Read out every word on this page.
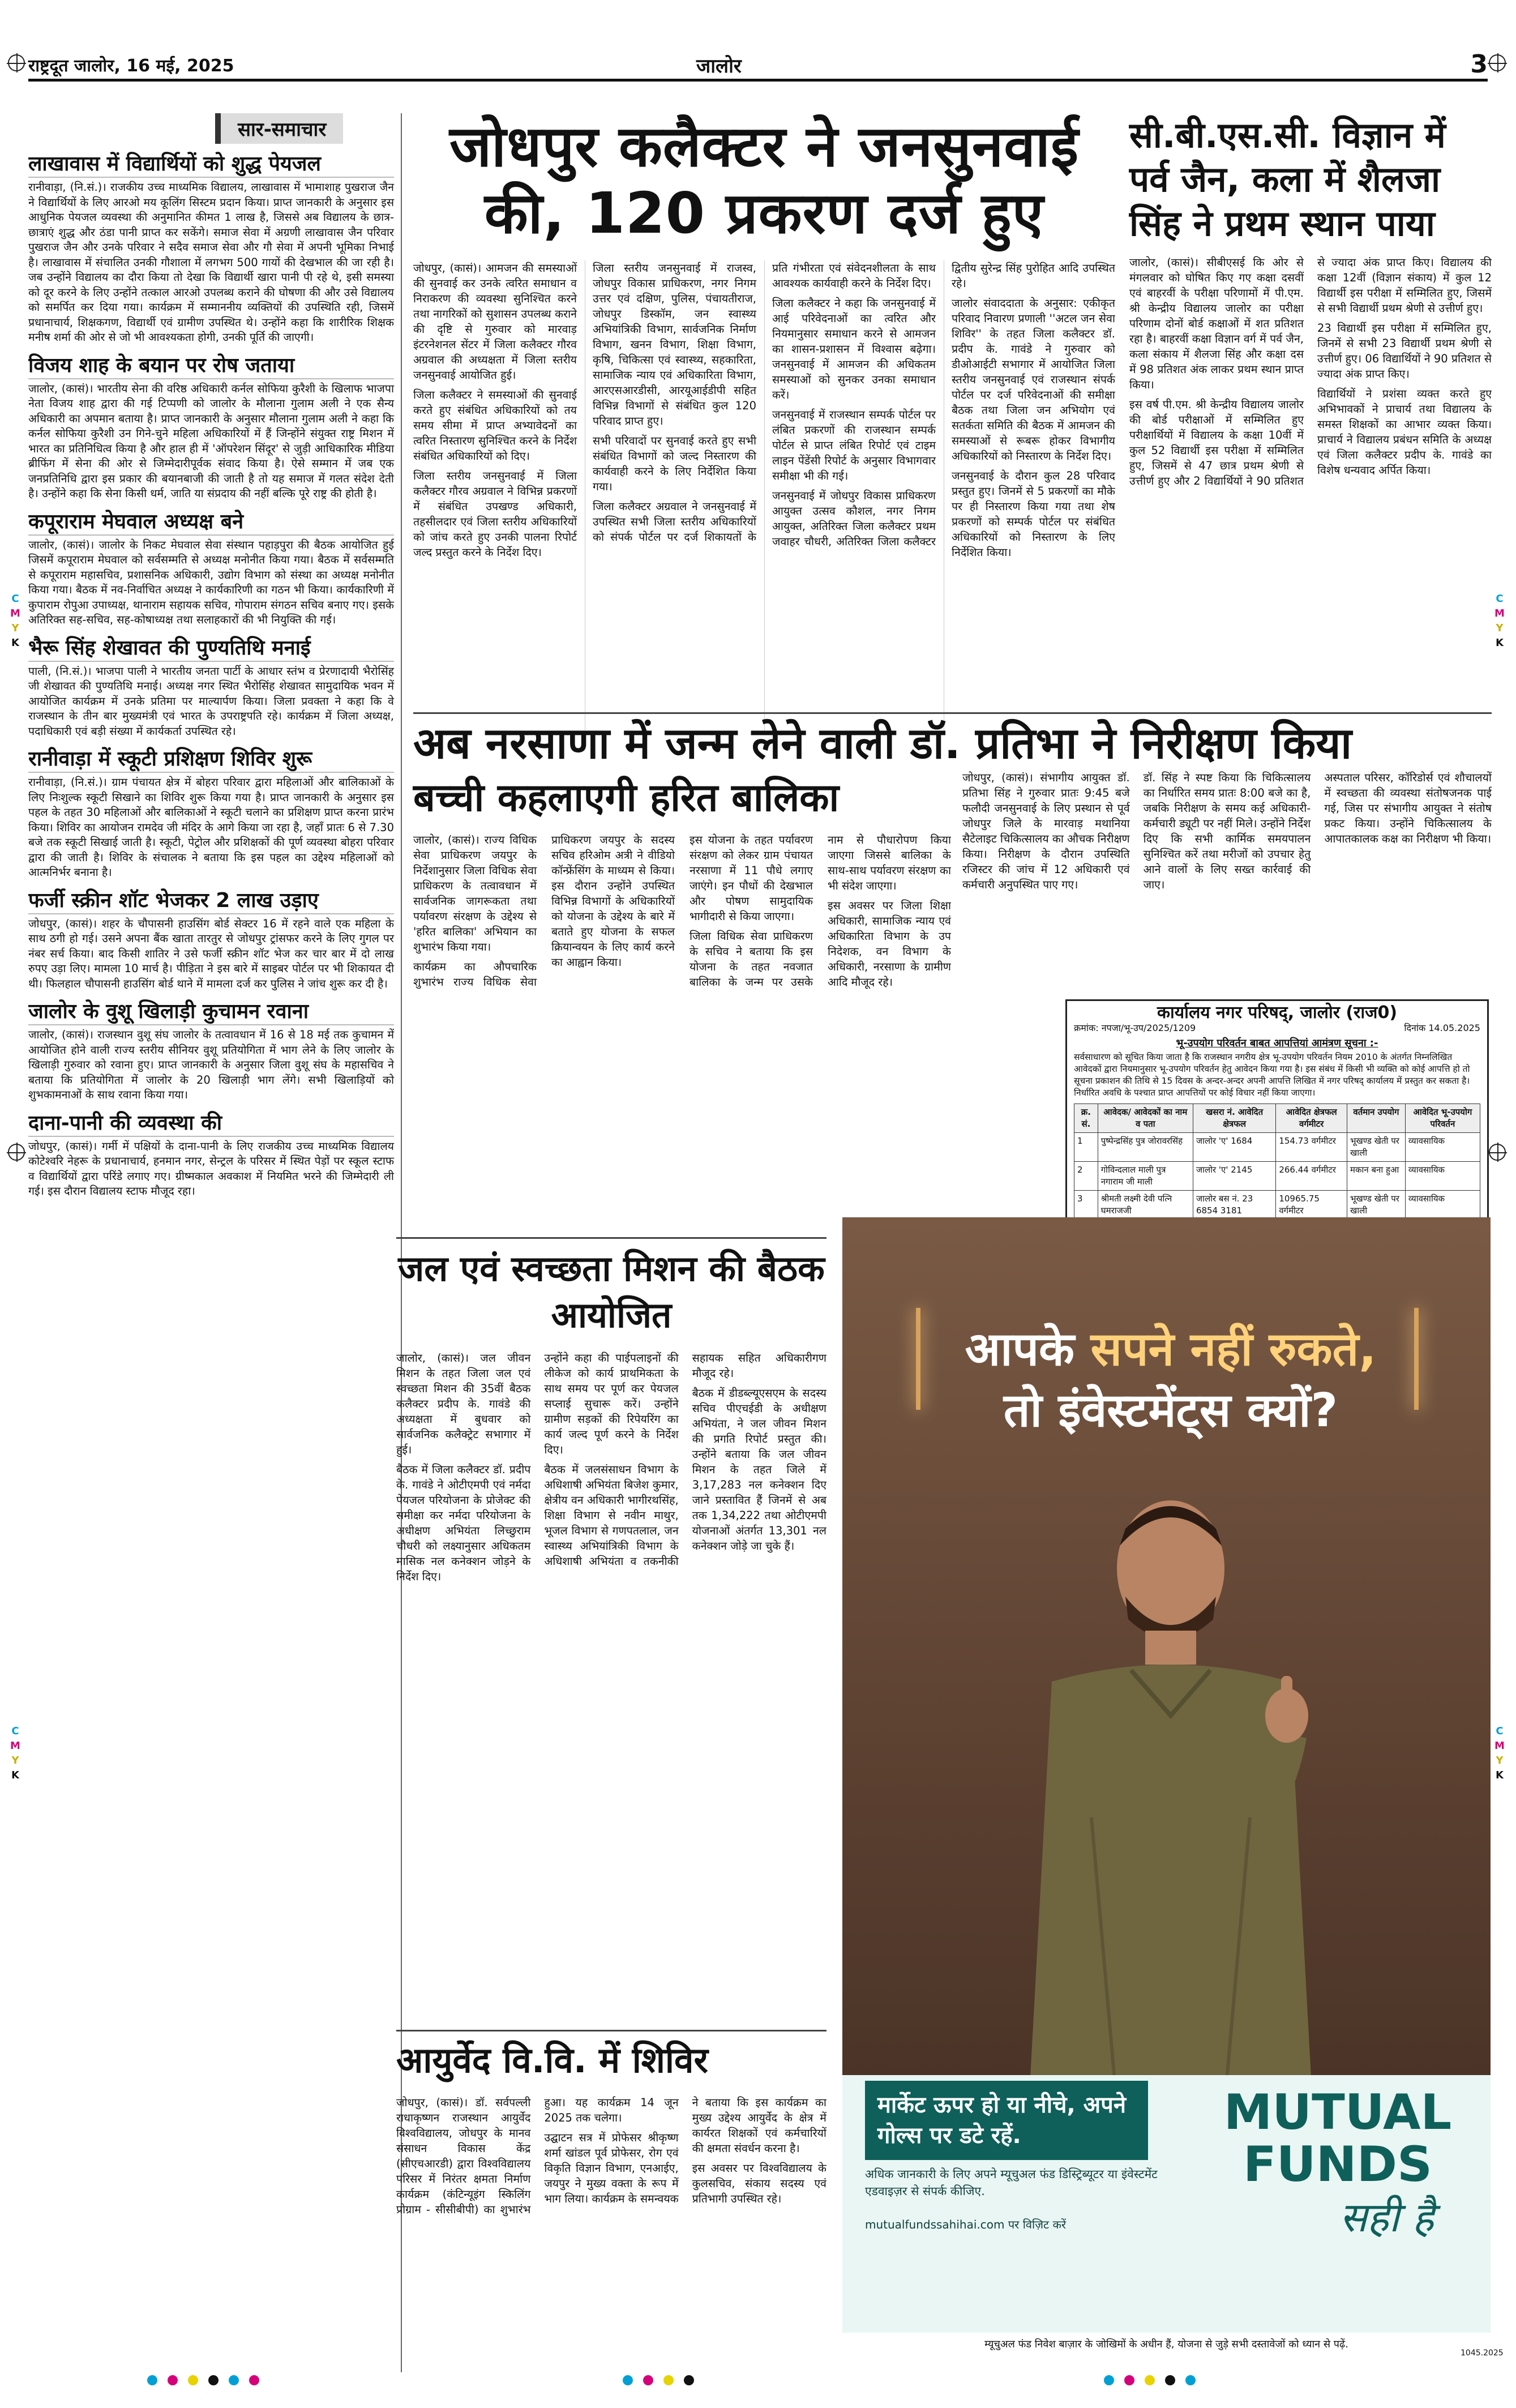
राष्ट्रदूत जालोर, 16 मई, 2025	जालोर	3
C
M
Y
K
C
M
Y
K
C
M
Y
K
C
M
Y
K
सार-समाचार
लाखावास में विद्यार्थियों को शुद्ध पेयजल

रानीवाड़ा, (नि.सं.)। राजकीय उच्च माध्यमिक विद्यालय, लाखावास में भामाशाह पुखराज जैन ने विद्यार्थियों के लिए आरओ मय कूलिंग सिस्टम प्रदान किया। प्राप्त जानकारी के अनुसार इस आधुनिक पेयजल व्यवस्था की अनुमानित कीमत 1 लाख है, जिससे अब विद्यालय के छात्र-छात्राएं शुद्ध और ठंडा पानी प्राप्त कर सकेंगे। समाज सेवा में अग्रणी लाखावास जैन परिवार पुखराज जैन और उनके परिवार ने सदैव समाज सेवा और गौ सेवा में अपनी भूमिका निभाई है। लाखावास में संचालित उनकी गौशाला में लगभग 500 गायों की देखभाल की जा रही है। जब उन्होंने विद्यालय का दौरा किया तो देखा कि विद्यार्थी खारा पानी पी रहे थे, इसी समस्या को दूर करने के लिए उन्होंने तत्काल आरओ उपलब्ध कराने की घोषणा की और उसे विद्यालय को समर्पित कर दिया गया। कार्यक्रम में सम्माननीय व्यक्तियों की उपस्थिति रही, जिसमें प्रधानाचार्य, शिक्षकगण, विद्यार्थी एवं ग्रामीण उपस्थित थे। उन्होंने कहा कि शारीरिक शिक्षक मनीष शर्मा की ओर से जो भी आवश्यकता होगी, उनकी पूर्ति की जाएगी।

विजय शाह के बयान पर रोष जताया

जालोर, (कासं)। भारतीय सेना की वरिष्ठ अधिकारी कर्नल सोफिया कुरैशी के खिलाफ भाजपा नेता विजय शाह द्वारा की गई टिप्पणी को जालोर के मौलाना गुलाम अली ने एक सैन्य अधिकारी का अपमान बताया है। प्राप्त जानकारी के अनुसार मौलाना गुलाम अली ने कहा कि कर्नल सोफिया कुरैशी उन गिने-चुने महिला अधिकारियों में हैं जिन्होंने संयुक्त राष्ट्र मिशन में भारत का प्रतिनिधित्व किया है और हाल ही में 'ऑपरेशन सिंदूर' से जुड़ी आधिकारिक मीडिया ब्रीफिंग में सेना की ओर से जिम्मेदारीपूर्वक संवाद किया है। ऐसे सम्मान में जब एक जनप्रतिनिधि द्वारा इस प्रकार की बयानबाजी की जाती है तो यह समाज में गलत संदेश देती है। उन्होंने कहा कि सेना किसी धर्म, जाति या संप्रदाय की नहीं बल्कि पूरे राष्ट्र की होती है।

कपूराराम मेघवाल अध्यक्ष बने

जालोर, (कासं)। जालोर के निकट मेघवाल सेवा संस्थान पहाड़पुरा की बैठक आयोजित हुई जिसमें कपूराराम मेघवाल को सर्वसम्मति से अध्यक्ष मनोनीत किया गया। बैठक में सर्वसम्मति से कपूराराम महासचिव, प्रशासनिक अधिकारी, उद्योग विभाग को संस्था का अध्यक्ष मनोनीत किया गया। बैठक में नव-निर्वाचित अध्यक्ष ने कार्यकारिणी का गठन भी किया। कार्यकारिणी में कुपाराम रोपुआ उपाध्यक्ष, थानाराम सहायक सचिव, गोपाराम संगठन सचिव बनाए गए। इसके अतिरिक्त सह-सचिव, सह-कोषाध्यक्ष तथा सलाहकारों की भी नियुक्ति की गई।

भैरू सिंह शेखावत की पुण्यतिथि मनाई

पाली, (नि.सं.)। भाजपा पाली ने भारतीय जनता पार्टी के आधार स्तंभ व प्रेरणादायी भैरोसिंह जी शेखावत की पुण्यतिथि मनाई। अध्यक्ष नगर स्थित भैरोसिंह शेखावत सामुदायिक भवन में आयोजित कार्यक्रम में उनके प्रतिमा पर माल्यार्पण किया। जिला प्रवक्ता ने कहा कि वे राजस्थान के तीन बार मुख्यमंत्री एवं भारत के उपराष्ट्रपति रहे। कार्यक्रम में जिला अध्यक्ष, पदाधिकारी एवं बड़ी संख्या में कार्यकर्ता उपस्थित रहे।

रानीवाड़ा में स्कूटी प्रशिक्षण शिविर शुरू

रानीवाड़ा, (नि.सं.)। ग्राम पंचायत क्षेत्र में बोहरा परिवार द्वारा महिलाओं और बालिकाओं के लिए निःशुल्क स्कूटी सिखाने का शिविर शुरू किया गया है। प्राप्त जानकारी के अनुसार इस पहल के तहत 30 महिलाओं और बालिकाओं ने स्कूटी चलाने का प्रशिक्षण प्राप्त करना प्रारंभ किया। शिविर का आयोजन रामदेव जी मंदिर के आगे किया जा रहा है, जहाँ प्रातः 6 से 7.30 बजे तक स्कूटी सिखाई जाती है। स्कूटी, पेट्रोल और प्रशिक्षकों की पूर्ण व्यवस्था बोहरा परिवार द्वारा की जाती है। शिविर के संचालक ने बताया कि इस पहल का उद्देश्य महिलाओं को आत्मनिर्भर बनाना है।

फर्जी स्क्रीन शॉट भेजकर 2 लाख उड़ाए

जोधपुर, (कासं)। शहर के चौपासनी हाउसिंग बोर्ड सेक्टर 16 में रहने वाले एक महिला के साथ ठगी हो गई। उसने अपना बैंक खाता तारतुर से जोधपुर ट्रांसफर करने के लिए गुगल पर नंबर सर्च किया। बाद किसी शातिर ने उसे फर्जी स्क्रीन शॉट भेज कर चार बार में दो लाख रुपए उड़ा लिए। मामला 10 मार्च है। पीड़िता ने इस बारे में साइबर पोर्टल पर भी शिकायत दी थी। फिलहाल चौपासनी हाउसिंग बोर्ड थाने में मामला दर्ज कर पुलिस ने जांच शुरू कर दी है।

जालोर के वुशू खिलाड़ी कुचामन रवाना

जालोर, (कासं)। राजस्थान वुशू संघ जालोर के तत्वावधान में 16 से 18 मई तक कुचामन में आयोजित होने वाली राज्य स्तरीय सीनियर वुशू प्रतियोगिता में भाग लेने के लिए जालोर के खिलाड़ी गुरुवार को रवाना हुए। प्राप्त जानकारी के अनुसार जिला वुशू संघ के महासचिव ने बताया कि प्रतियोगिता में जालोर के 20 खिलाड़ी भाग लेंगे। सभी खिलाड़ियों को शुभकामनाओं के साथ रवाना किया गया।

दाना-पानी की व्यवस्था की

जोधपुर, (कासं)। गर्मी में पक्षियों के दाना-पानी के लिए राजकीय उच्च माध्यमिक विद्यालय कोटेश्वरि नेहरू के प्रधानाचार्य, हनमान नगर, सेन्ट्रल के परिसर में स्थित पेड़ों पर स्कूल स्टाफ व विद्यार्थियों द्वारा परिंडे लगाए गए। ग्रीष्मकाल अवकाश में नियमित भरने की जिम्मेदारी ली गई। इस दौरान विद्यालय स्टाफ मौजूद रहा।

जोधपुर कलैक्टर ने जनसुनवाई की, 120 प्रकरण दर्ज हुए

जोधपुर, (कासं)। आमजन की समस्याओं की सुनवाई कर उनके त्वरित समाधान व निराकरण की व्यवस्था सुनिश्चित करने तथा नागरिकों को सुशासन उपलब्ध कराने की दृष्टि से गुरुवार को मारवाड़ इंटरनेशनल सेंटर में जिला कलैक्टर गौरव अग्रवाल की अध्यक्षता में जिला स्तरीय जनसुनवाई आयोजित हुई।

जिला कलैक्टर ने समस्याओं की सुनवाई करते हुए संबंधित अधिकारियों को तय समय सीमा में प्राप्त अभ्यावेदनों का त्वरित निस्तारण सुनिश्चित करने के निर्देश संबंधित अधिकारियों को दिए।

जिला स्तरीय जनसुनवाई में जिला कलैक्टर गौरव अग्रवाल ने विभिन्न प्रकरणों में संबंधित उपखण्ड अधिकारी, तहसीलदार एवं जिला स्तरीय अधिकारियों को जांच करते हुए उनकी पालना रिपोर्ट जल्द प्रस्तुत करने के निर्देश दिए।

जिला स्तरीय जनसुनवाई में राजस्व, जोधपुर विकास प्राधिकरण, नगर निगम उत्तर एवं दक्षिण, पुलिस, पंचायतीराज, जोधपुर डिस्कॉम, जन स्वास्थ्य अभियांत्रिकी विभाग, सार्वजनिक निर्माण विभाग, खनन विभाग, शिक्षा विभाग, कृषि, चिकित्सा एवं स्वास्थ्य, सहकारिता, सामाजिक न्याय एवं अधिकारिता विभाग, आरएसआरडीसी, आरयूआईडीपी सहित विभिन्न विभागों से संबंधित कुल 120 परिवाद प्राप्त हुए।

सभी परिवादों पर सुनवाई करते हुए सभी संबंधित विभागों को जल्द निस्तारण की कार्यवाही करने के लिए निर्देशित किया गया।

जिला कलैक्टर अग्रवाल ने जनसुनवाई में उपस्थित सभी जिला स्तरीय अधिकारियों को संपर्क पोर्टल पर दर्ज शिकायतों के प्रति गंभीरता एवं संवेदनशीलता के साथ आवश्यक कार्यवाही करने के निर्देश दिए।

जिला कलैक्टर ने कहा कि जनसुनवाई में आई परिवेदनाओं का त्वरित और नियमानुसार समाधान करने से आमजन का शासन-प्रशासन में विश्वास बढ़ेगा। जनसुनवाई में आमजन की अधिकतम समस्याओं को सुनकर उनका समाधान करें।

जनसुनवाई में राजस्थान सम्पर्क पोर्टल पर लंबित प्रकरणों की राजस्थान सम्पर्क पोर्टल से प्राप्त लंबित रिपोर्ट एवं टाइम लाइन पेंडेंसी रिपोर्ट के अनुसार विभागवार समीक्षा भी की गई।

जनसुनवाई में जोधपुर विकास प्राधिकरण आयुक्त उत्सव कौशल, नगर निगम आयुक्त, अतिरिक्त जिला कलैक्टर प्रथम जवाहर चौधरी, अतिरिक्त जिला कलैक्टर द्वितीय सुरेन्द्र सिंह पुरोहित आदि उपस्थित रहे।

जालोर संवाददाता के अनुसार: एकीकृत परिवाद निवारण प्रणाली ''अटल जन सेवा शिविर'' के तहत जिला कलैक्टर डॉ. प्रदीप के. गावंडे ने गुरुवार को डीओआईटी सभागार में आयोजित जिला स्तरीय जनसुनवाई एवं राजस्थान संपर्क पोर्टल पर दर्ज परिवेदनाओं की समीक्षा बैठक तथा जिला जन अभियोग एवं सतर्कता समिति की बैठक में आमजन की समस्याओं से रूबरू होकर विभागीय अधिकारियों को निस्तारण के निर्देश दिए।

जनसुनवाई के दौरान कुल 28 परिवाद प्रस्तुत हुए। जिनमें से 5 प्रकरणों का मौके पर ही निस्तारण किया गया तथा शेष प्रकरणों को सम्पर्क पोर्टल पर संबंधित अधिकारियों को निस्तारण के लिए निर्देशित किया।

सी.बी.एस.सी. विज्ञान में पर्व जैन, कला में शैलजा सिंह ने प्रथम स्थान पाया

जालोर, (कासं)। सीबीएसई कि ओर से मंगलवार को घोषित किए गए कक्षा दसवीं एवं बाहरवीं के परीक्षा परिणामों में पी.एम. श्री केन्द्रीय विद्यालय जालोर का परीक्षा परिणाम दोनों बोर्ड कक्षाओं में शत प्रतिशत रहा है। बाहरवीं कक्षा विज्ञान वर्ग में पर्व जैन, कला संकाय में शैलजा सिंह और कक्षा दस में 98 प्रतिशत अंक लाकर प्रथम स्थान प्राप्त किया।

इस वर्ष पी.एम. श्री केन्द्रीय विद्यालय जालोर की बोर्ड परीक्षाओं में सम्मिलित हुए परीक्षार्थियों में विद्यालय के कक्षा 10वीं में कुल 52 विद्यार्थी इस परीक्षा में सम्मिलित हुए, जिसमें से 47 छात्र प्रथम श्रेणी से उत्तीर्ण हुए और 2 विद्यार्थियों ने 90 प्रतिशत से ज्यादा अंक प्राप्त किए। विद्यालय की कक्षा 12वीं (विज्ञान संकाय) में कुल 12 विद्यार्थी इस परीक्षा में सम्मिलित हुए, जिसमें से सभी विद्यार्थी प्रथम श्रेणी से उत्तीर्ण हुए।

23 विद्यार्थी इस परीक्षा में सम्मिलित हुए, जिनमें से सभी 23 विद्यार्थी प्रथम श्रेणी से उत्तीर्ण हुए। 06 विद्यार्थियों ने 90 प्रतिशत से ज्यादा अंक प्राप्त किए।

विद्यार्थियों ने प्रशंसा व्यक्त करते हुए अभिभावकों ने प्राचार्य तथा विद्यालय के समस्त शिक्षकों का आभार व्यक्त किया। प्राचार्य ने विद्यालय प्रबंधन समिति के अध्यक्ष एवं जिला कलैक्टर प्रदीप के. गावंडे का विशेष धन्यवाद अर्पित किया।

अब नरसाणा में जन्म लेने वाली डॉ. प्रतिभा ने निरीक्षण किया
बच्ची कहलाएगी हरित बालिका

जालोर, (कासं)। राज्य विधिक सेवा प्राधिकरण जयपुर के निर्देशानुसार जिला विधिक सेवा प्राधिकरण के तत्वावधान में सार्वजनिक जागरूकता तथा पर्यावरण संरक्षण के उद्देश्य से 'हरित बालिका' अभियान का शुभारंभ किया गया।

कार्यक्रम का औपचारिक शुभारंभ राज्य विधिक सेवा प्राधिकरण जयपुर के सदस्य सचिव हरिओम अत्री ने वीडियो कॉन्फ्रेंसिंग के माध्यम से किया। इस दौरान उन्होंने उपस्थित विभिन्न विभागों के अधिकारियों को योजना के उद्देश्य के बारे में बताते हुए योजना के सफल क्रियान्वयन के लिए कार्य करने का आह्वान किया।

इस योजना के तहत पर्यावरण संरक्षण को लेकर ग्राम पंचायत नरसाणा में 11 पौधे लगाए जाएंगे। इन पौधों की देखभाल और पोषण सामुदायिक भागीदारी से किया जाएगा।

जिला विधिक सेवा प्राधिकरण के सचिव ने बताया कि इस योजना के तहत नवजात बालिका के जन्म पर उसके नाम से पौधारोपण किया जाएगा जिससे बालिका के साथ-साथ पर्यावरण संरक्षण का भी संदेश जाएगा।

इस अवसर पर जिला शिक्षा अधिकारी, सामाजिक न्याय एवं अधिकारिता विभाग के उप निदेशक, वन विभाग के अधिकारी, नरसाणा के ग्रामीण आदि मौजूद रहे।

जोधपुर, (कासं)। संभागीय आयुक्त डॉ. प्रतिभा सिंह ने गुरुवार प्रातः 9:45 बजे फलौदी जनसुनवाई के लिए प्रस्थान से पूर्व जोधपुर जिले के मारवाड़ मथानिया सैटेलाइट चिकित्सालय का औचक निरीक्षण किया। निरीक्षण के दौरान उपस्थिति रजिस्टर की जांच में 12 अधिकारी एवं कर्मचारी अनुपस्थित पाए गए।

डॉ. सिंह ने स्पष्ट किया कि चिकित्सालय का निर्धारित समय प्रातः 8:00 बजे का है, जबकि निरीक्षण के समय कई अधिकारी-कर्मचारी ड्यूटी पर नहीं मिले। उन्होंने निर्देश दिए कि सभी कार्मिक समयपालन सुनिश्चित करें तथा मरीजों को उपचार हेतु आने वालों के लिए सख्त कार्रवाई की जाए।

अस्पताल परिसर, कॉरिडोर्स एवं शौचालयों में स्वच्छता की व्यवस्था संतोषजनक पाई गई, जिस पर संभागीय आयुक्त ने संतोष प्रकट किया। उन्होंने चिकित्सालय के आपातकालक कक्ष का निरीक्षण भी किया।

कार्यालय नगर परिषद्, जालोर (राज0)
क्रमांक: नपजा/भू-उप/2025/1209	दिनांक 14.05.2025
भू-उपयोग परिवर्तन बाबत आपत्तियां आमंत्रण सूचना :-
सर्वसाधारण को सूचित किया जाता है कि राजस्थान नगरीय क्षेत्र भू-उपयोग परिवर्तन नियम 2010 के अंतर्गत निम्नलिखित आवेदकों द्वारा नियमानुसार भू-उपयोग परिवर्तन हेतु आवेदन किया गया है। इस संबंध में किसी भी व्यक्ति को कोई आपत्ति हो तो सूचना प्रकाशन की तिथि से 15 दिवस के अन्दर-अन्दर अपनी आपत्ति लिखित में नगर परिषद् कार्यालय में प्रस्तुत कर सकता है। निर्धारित अवधि के पश्चात प्राप्त आपत्तियों पर कोई विचार नहीं किया जाएगा।
क्र. सं.	आवेदक/ आवेदकों का नाम व पता	खसरा नं. आवेदित क्षेत्रफल	आवेदित क्षेत्रफल वर्गमीटर	वर्तमान उपयोग	आवेदित भू-उपयोग परिवर्तन
1	पुष्पेन्द्रसिंह पुत्र जोरावरसिंह	जालोर 'ए' 1684	154.73 वर्गमीटर	भूखण्ड खेती पर खाली	व्यावसायिक
2	गोविन्दलाल माली पुत्र नगाराम जी माली	जालोर 'ए' 2145	266.44 वर्गमीटर	मकान बना हुआ	व्यावसायिक
3	श्रीमती लक्ष्मी देवी पत्नि घमराजजी	जालोर बस नं. 23 6854 3181	10965.75 वर्गमीटर	भूखण्ड खेती पर खाली	व्यावसायिक
जल एवं स्वच्छता मिशन की बैठक आयोजित

जालोर, (कासं)। जल जीवन मिशन के तहत जिला जल एवं स्वच्छता मिशन की 35वीं बैठक कलैक्टर प्रदीप के. गावंडे की अध्यक्षता में बुधवार को सार्वजनिक कलैक्ट्रेट सभागार में हुई।

बैठक में जिला कलैक्टर डॉ. प्रदीप के. गावंडे ने ओटीएमपी एवं नर्मदा पेयजल परियोजना के प्रोजेक्ट की समीक्षा कर नर्मदा परियोजना के अधीक्षण अभियंता लिच्छुराम चौधरी को लक्ष्यानुसार अधिकतम मासिक नल कनेक्शन जोड़ने के निर्देश दिए।

उन्होंने कहा की पाईपलाइनों की लीकेज को कार्य प्राथमिकता के साथ समय पर पूर्ण कर पेयजल सप्लाई सुचारू करें। उन्होंने ग्रामीण सड़कों की रिपेयरिंग का कार्य जल्द पूर्ण करने के निर्देश दिए।

बैठक में जलसंसाधन विभाग के अधिशाषी अभियंता बिजेश कुमार, क्षेत्रीय वन अधिकारी भागीरथसिंह, शिक्षा विभाग से नवीन माथुर, भूजल विभाग से गणपतलाल, जन स्वास्थ्य अभियांत्रिकी विभाग के अधिशाषी अभियंता व तकनीकी सहायक सहित अधिकारीगण मौजूद रहे।

बैठक में डीडब्ल्यूएसएम के सदस्य सचिव पीएचईडी के अधीक्षण अभियंता, ने जल जीवन मिशन की प्रगति रिपोर्ट प्रस्तुत की। उन्होंने बताया कि जल जीवन मिशन के तहत जिले में 3,17,283 नल कनेक्शन दिए जाने प्रस्तावित हैं जिनमें से अब तक 1,34,222 तथा ओटीएमपी योजनाओं अंतर्गत 13,301 नल कनेक्शन जोड़े जा चुके हैं।

आयुर्वेद वि.वि. में शिविर

जोधपुर, (कासं)। डॉ. सर्वपल्ली राधाकृष्णन राजस्थान आयुर्वेद विश्वविद्यालय, जोधपुर के मानव संसाधन विकास केंद्र (सीएचआरडी) द्वारा विश्वविद्यालय परिसर में निरंतर क्षमता निर्माण कार्यक्रम (कंटिन्यूइंग स्किलिंग प्रोग्राम - सीसीबीपी) का शुभारंभ हुआ। यह कार्यक्रम 14 जून 2025 तक चलेगा।

उद्घाटन सत्र में प्रोफेसर श्रीकृष्ण शर्मा खांडल पूर्व प्रोफेसर, रोग एवं विकृति विज्ञान विभाग, एनआईए, जयपुर ने मुख्य वक्ता के रूप में भाग लिया। कार्यक्रम के समन्वयक ने बताया कि इस कार्यक्रम का मुख्य उद्देश्य आयुर्वेद के क्षेत्र में कार्यरत शिक्षकों एवं कर्मचारियों की क्षमता संवर्धन करना है।

इस अवसर पर विश्वविद्यालय के कुलसचिव, संकाय सदस्य एवं प्रतिभागी उपस्थित रहे।

आपके सपने नहीं रुकते,
तो इंवेस्टमेंट्स क्यों?
मार्केट ऊपर हो या नीचे, अपने गोल्स पर डटे रहें.	MUTUAL
FUNDS
सही है
अधिक जानकारी के लिए अपने म्यूचुअल फंड डिस्ट्रिब्यूटर या इंवेस्टमेंट एडवाइज़र से संपर्क कीजिए.
mutualfundssahihai.com पर विज़िट करें
म्यूचुअल फंड निवेश बाज़ार के जोखिमों के अधीन हैं, योजना से जुड़े सभी दस्तावेजों को ध्यान से पढ़ें.
1045.2025
